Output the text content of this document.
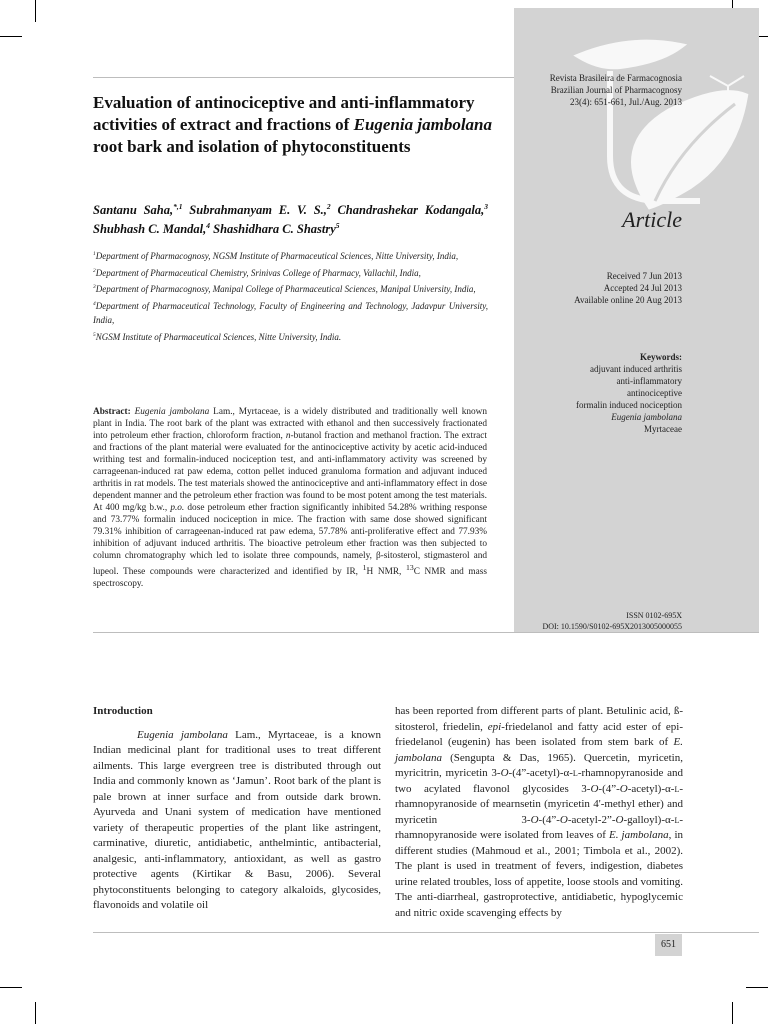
Revista Brasileira de Farmacognosia
Brazilian Journal of Pharmacognosy
23(4): 651-661, Jul./Aug. 2013
Article
Received 7 Jun 2013
Accepted 24 Jul 2013
Available online 20 Aug 2013
Keywords:
adjuvant induced arthritis
anti-inflammatory
antinociceptive
formalin induced nociception
Eugenia jambolana
Myrtaceae
ISSN 0102-695X
DOI: 10.1590/S0102-695X2013005000055
Evaluation of antinociceptive and anti-inflammatory activities of extract and fractions of Eugenia jambolana root bark and isolation of phytoconstituents
Santanu Saha,$^{*,1}$ Subrahmanyam E. V. S.,$^2$ Chandrashekar Kodangala,$^3$ Shubhash C. Mandal,$^4$ Shashidhara C. Shastry$^5$
$^1$Department of Pharmacognosy, NGSM Institute of Pharmaceutical Sciences, Nitte University, India,
$^2$Department of Pharmaceutical Chemistry, Srinivas College of Pharmacy, Vallachil, India,
$^3$Department of Pharmacognosy, Manipal College of Pharmaceutical Sciences, Manipal University, India,
$^4$Department of Pharmaceutical Technology, Faculty of Engineering and Technology, Jadavpur University, India,
$^5$NGSM Institute of Pharmaceutical Sciences, Nitte University, India.
Abstract: Eugenia jambolana Lam., Myrtaceae, is a widely distributed and traditionally well known plant in India. The root bark of the plant was extracted with ethanol and then successively fractionated into petroleum ether fraction, chloroform fraction, n-butanol fraction and methanol fraction. The extract and fractions of the plant material were evaluated for the antinociceptive activity by acetic acid-induced writhing test and formalin-induced nociception test, and anti-inflammatory activity was screened by carrageenan-induced rat paw edema, cotton pellet induced granuloma formation and adjuvant induced arthritis in rat models. The test materials showed the antinociceptive and anti-inflammatory effect in dose dependent manner and the petroleum ether fraction was found to be most potent among the test materials. At 400 mg/kg b.w., p.o. dose petroleum ether fraction significantly inhibited 54.28% writhing response and 73.77% formalin induced nociception in mice. The fraction with same dose showed significant 79.31% inhibition of carrageenan-induced rat paw edema, 57.78% anti-proliferative effect and 77.93% inhibition of adjuvant induced arthritis. The bioactive petroleum ether fraction was then subjected to column chromatography which led to isolate three compounds, namely, β-sitosterol, stigmasterol and lupeol. These compounds were characterized and identified by IR, $^1$H NMR, $^{13}$C NMR and mass spectroscopy.
Introduction
Eugenia jambolana Lam., Myrtaceae, is a known Indian medicinal plant for traditional uses to treat different ailments. This large evergreen tree is distributed through out India and commonly known as ‘Jamun’. Root bark of the plant is pale brown at inner surface and from outside dark brown. Ayurveda and Unani system of medication have mentioned variety of therapeutic properties of the plant like astringent, carminative, diuretic, antidiabetic, anthelmintic, antibacterial, analgesic, anti-inflammatory, antioxidant, as well as gastro protective agents (Kirtikar & Basu, 2006). Several phytoconstituents belonging to category alkaloids, glycosides, flavonoids and volatile oil
has been reported from different parts of plant. Betulinic acid, ß-sitosterol, friedelin, epi-friedelanol and fatty acid ester of epi-friedelanol (eugenin) has been isolated from stem bark of E. jambolana (Sengupta & Das, 1965). Quercetin, myricetin, myricitrin, myricetin 3-O-(4”-acetyl)-α-l-rhamnopyranoside and two acylated flavonol glycosides 3-O-(4”-O-acetyl)-α-l-rhamnopyranoside of mearnsetin (myricetin 4'-methyl ether) and myricetin 3-O-(4”-O-acetyl-2”-O-galloyl)-α-l-rhamnopyranoside were isolated from leaves of E. jambolana, in different studies (Mahmoud et al., 2001; Timbola et al., 2002). The plant is used in treatment of fevers, indigestion, diabetes urine related troubles, loss of appetite, loose stools and vomiting. The anti-diarrheal, gastroprotective, antidiabetic, hypoglycemic and nitric oxide scavenging effects by
651
